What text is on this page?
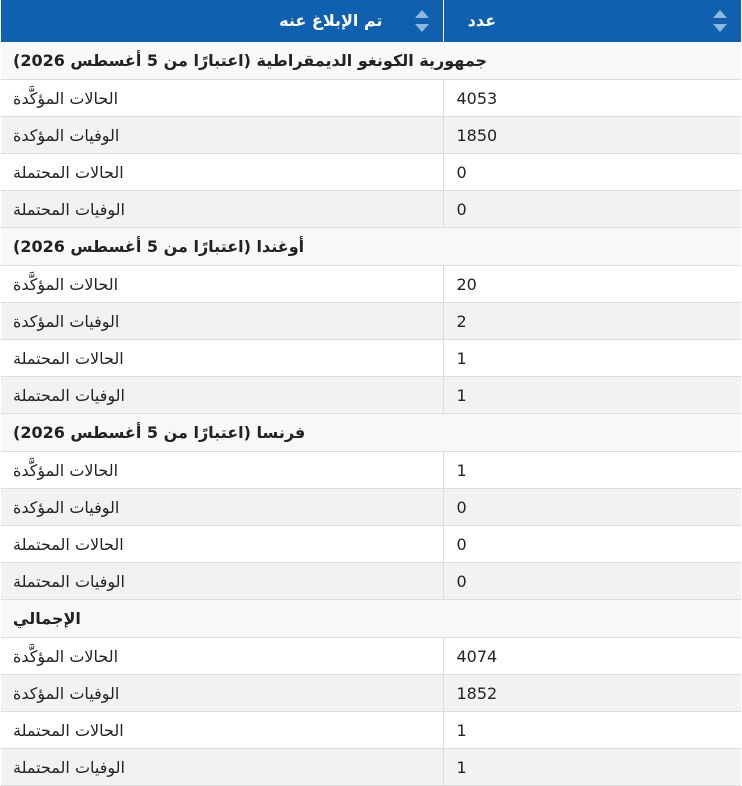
تم الإبلاغ عنه	عدد

جمهورية الكونغو الديمقراطية (اعتبارًا من 5 أغسطس 2026)	
الحالات المؤكَّدة	4053
الوفيات المؤكدة	1850
الحالات المحتملة	0
الوفيات المحتملة	0
أوغندا (اعتبارًا من 5 أغسطس 2026)	
الحالات المؤكَّدة	20
الوفيات المؤكدة	2
الحالات المحتملة	1
الوفيات المحتملة	1
فرنسا (اعتبارًا من 5 أغسطس 2026)	
الحالات المؤكَّدة	1
الوفيات المؤكدة	0
الحالات المحتملة	0
الوفيات المحتملة	0
الإجمالي	
الحالات المؤكَّدة	4074
الوفيات المؤكدة	1852
الحالات المحتملة	1
الوفيات المحتملة	1
